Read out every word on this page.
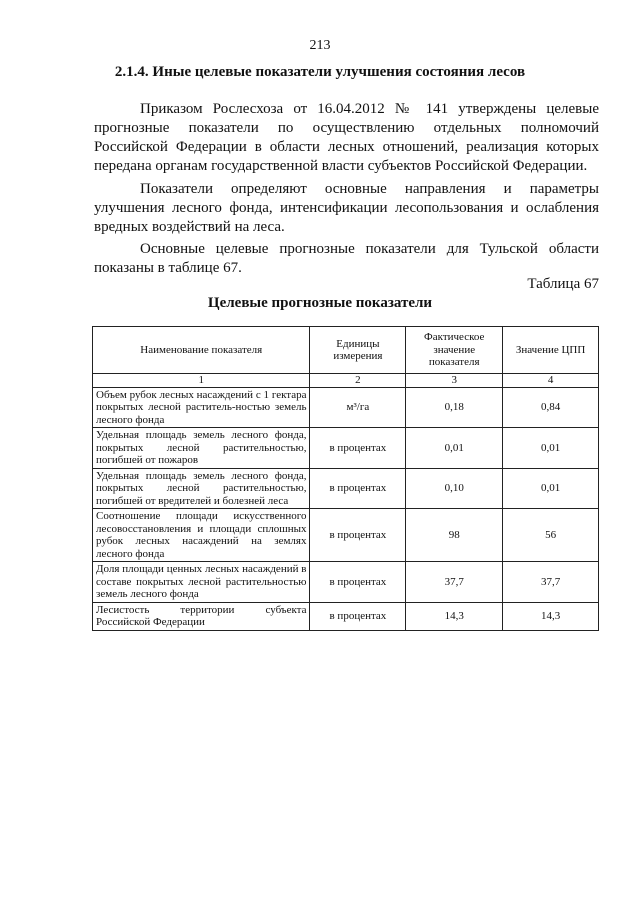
213
2.1.4. Иные целевые показатели улучшения состояния лесов

Приказом Рослесхоза от 16.04.2012 № 141 утверждены целевые прогнозные показатели по осуществлению отдельных полномочий Российской Федерации в области лесных отношений, реализация которых передана органам государственной власти субъектов Российской Федерации.

Показатели определяют основные направления и параметры улучшения лесного фонда, интенсификации лесопользования и ослабления вредных воздействий на леса.

Основные целевые прогнозные показатели для Тульской области показаны в таблице 67.

Таблица 67
Целевые прогнозные показатели
Наименование показателя	Единицы измерения	Фактическое значение показателя	Значение ЦПП
1	2	3	4
Объем рубок лесных насаждений с 1 гектара покрытых лесной раститель-ностью земель лесного фонда	м³/га	0,18	0,84
Удельная площадь земель лесного фонда, покрытых лесной растительностью, погибшей от пожаров	в процентах	0,01	0,01
Удельная площадь земель лесного фонда, покрытых лесной растительностью, погибшей от вредителей и болезней леса	в процентах	0,10	0,01
Соотношение площади искусственного лесовосстановления и площади сплошных рубок лесных насаждений на землях лесного фонда	в процентах	98	56
Доля площади ценных лесных насаждений в составе покрытых лесной растительностью земель лесного фонда	в процентах	37,7	37,7
Лесистость территории субъекта Российской Федерации	в процентах	14,3	14,3
